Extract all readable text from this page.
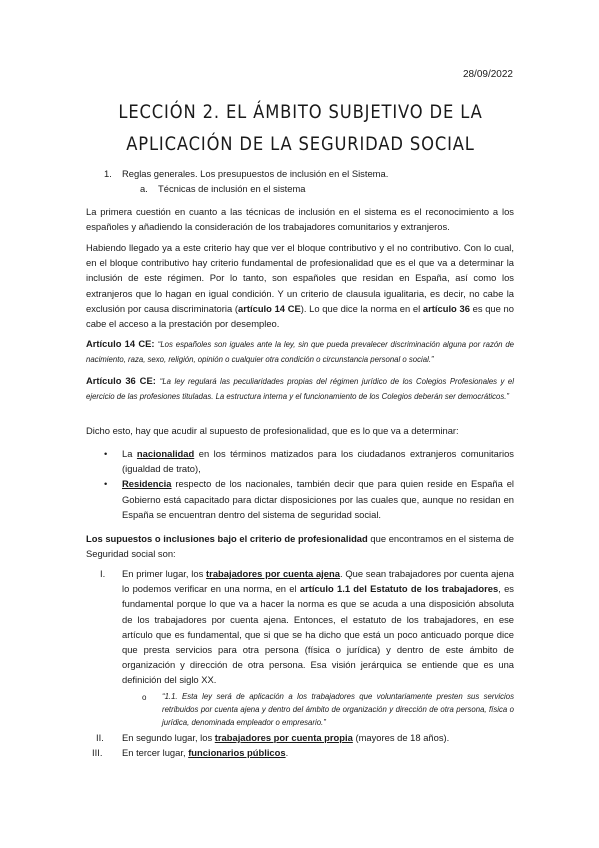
28/09/2022
LECCIÓN 2. EL ÁMBITO SUBJETIVO DE LA
APLICACIÓN DE LA SEGURIDAD SOCIAL
1. Reglas generales. Los presupuestos de inclusión en el Sistema.
a. Técnicas de inclusión en el sistema

La primera cuestión en cuanto a las técnicas de inclusión en el sistema es el reconocimiento a los españoles y añadiendo la consideración de los trabajadores comunitarios y extranjeros.

Habiendo llegado ya a este criterio hay que ver el bloque contributivo y el no contributivo. Con lo cual, en el bloque contributivo hay criterio fundamental de profesionalidad que es el que va a determinar la inclusión de este régimen. Por lo tanto, son españoles que residan en España, así como los extranjeros que lo hagan en igual condición. Y un criterio de clausula igualitaria, es decir, no cabe la exclusión por causa discriminatoria (artículo 14 CE). Lo que dice la norma en el artículo 36 es que no cabe el acceso a la prestación por desempleo.

Artículo 14 CE: “Los españoles son iguales ante la ley, sin que pueda prevalecer discriminación alguna por razón de nacimiento, raza, sexo, religión, opinión o cualquier otra condición o circunstancia personal o social.”

Artículo 36 CE: “La ley regulará las peculiaridades propias del régimen jurídico de los Colegios Profesionales y el ejercicio de las profesiones tituladas. La estructura interna y el funcionamiento de los Colegios deberán ser democráticos.”

Dicho esto, hay que acudir al supuesto de profesionalidad, que es lo que va a determinar:

• La nacionalidad en los términos matizados para los ciudadanos extranjeros comunitarios (igualdad de trato),

• Residencia respecto de los nacionales, también decir que para quien reside en España el Gobierno está capacitado para dictar disposiciones por las cuales que, aunque no residan en España se encuentran dentro del sistema de seguridad social.

Los supuestos o inclusiones bajo el criterio de profesionalidad que encontramos en el sistema de Seguridad social son:

I. En primer lugar, los trabajadores por cuenta ajena. Que sean trabajadores por cuenta ajena lo podemos verificar en una norma, en el artículo 1.1 del Estatuto de los trabajadores, es fundamental porque lo que va a hacer la norma es que se acuda a una disposición absoluta de los trabajadores por cuenta ajena. Entonces, el estatuto de los trabajadores, en ese artículo que es fundamental, que si que se ha dicho que está un poco anticuado porque dice que presta servicios para otra persona (física o jurídica) y dentro de este ámbito de organización y dirección de otra persona. Esa visión jerárquica se entiende que es una definición del siglo XX.

o “1.1. Esta ley será de aplicación a los trabajadores que voluntariamente presten sus servicios retribuidos por cuenta ajena y dentro del ámbito de organización y dirección de otra persona, física o jurídica, denominada empleador o empresario.”

II. En segundo lugar, los trabajadores por cuenta propia (mayores de 18 años).

III. En tercer lugar, funcionarios públicos.
